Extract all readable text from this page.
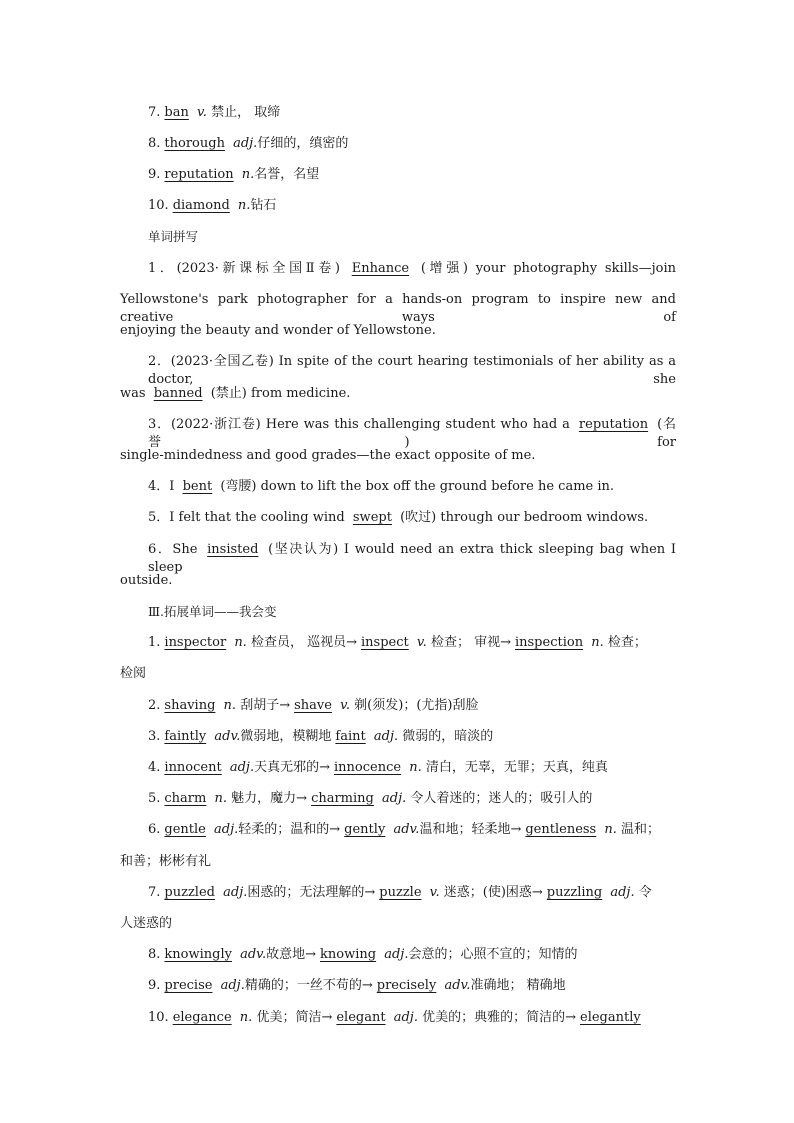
7. ban v. 禁止， 取缔
8. thorough adj.仔细的，缜密的
9. reputation n.名誉，名望
10. diamond n.钻石
单词拼写
1．(2023·新课标全国Ⅱ卷) Enhance (增强) your photography skills—join
Yellowstone's park photographer for a hands-on program to inspire new and creative ways of
enjoying the beauty and wonder of Yellowstone.
2．(2023·全国乙卷) In spite of the court hearing testimonials of her ability as a doctor, she
was banned (禁止) from medicine.
3．(2022·浙江卷) Here was this challenging student who had a reputation (名誉) for
single-mindedness and good grades—the exact opposite of me.
4．I bent (弯腰) down to lift the box off the ground before he came in.
5．I felt that the cooling wind swept (吹过) through our bedroom windows.
6．She insisted (坚决认为) I would need an extra thick sleeping bag when I sleep
outside.
Ⅲ.拓展单词——我会变
1. inspector n. 检查员， 巡视员→ inspect v. 检查； 审视→ inspection n. 检查；
检阅
2. shaving n. 刮胡子→ shave v. 剃(须发)；(尤指)刮脸
3. faintly adv.微弱地，模糊地 faint adj. 微弱的，暗淡的
4. innocent adj.天真无邪的→ innocence n. 清白，无辜，无罪；天真，纯真
5. charm n. 魅力，魔力→ charming adj. 令人着迷的；迷人的；吸引人的
6. gentle adj.轻柔的；温和的→ gently adv.温和地；轻柔地→ gentleness n. 温和；
和善；彬彬有礼
7. puzzled adj.困惑的；无法理解的→ puzzle v. 迷惑；(使)困惑→ puzzling adj. 令
人迷惑的
8. knowingly adv.故意地→ knowing adj.会意的；心照不宣的；知情的
9. precise adj.精确的；一丝不苟的→ precisely adv.准确地； 精确地
10. elegance n. 优美；简洁→ elegant adj. 优美的；典雅的；简洁的→ elegantly
